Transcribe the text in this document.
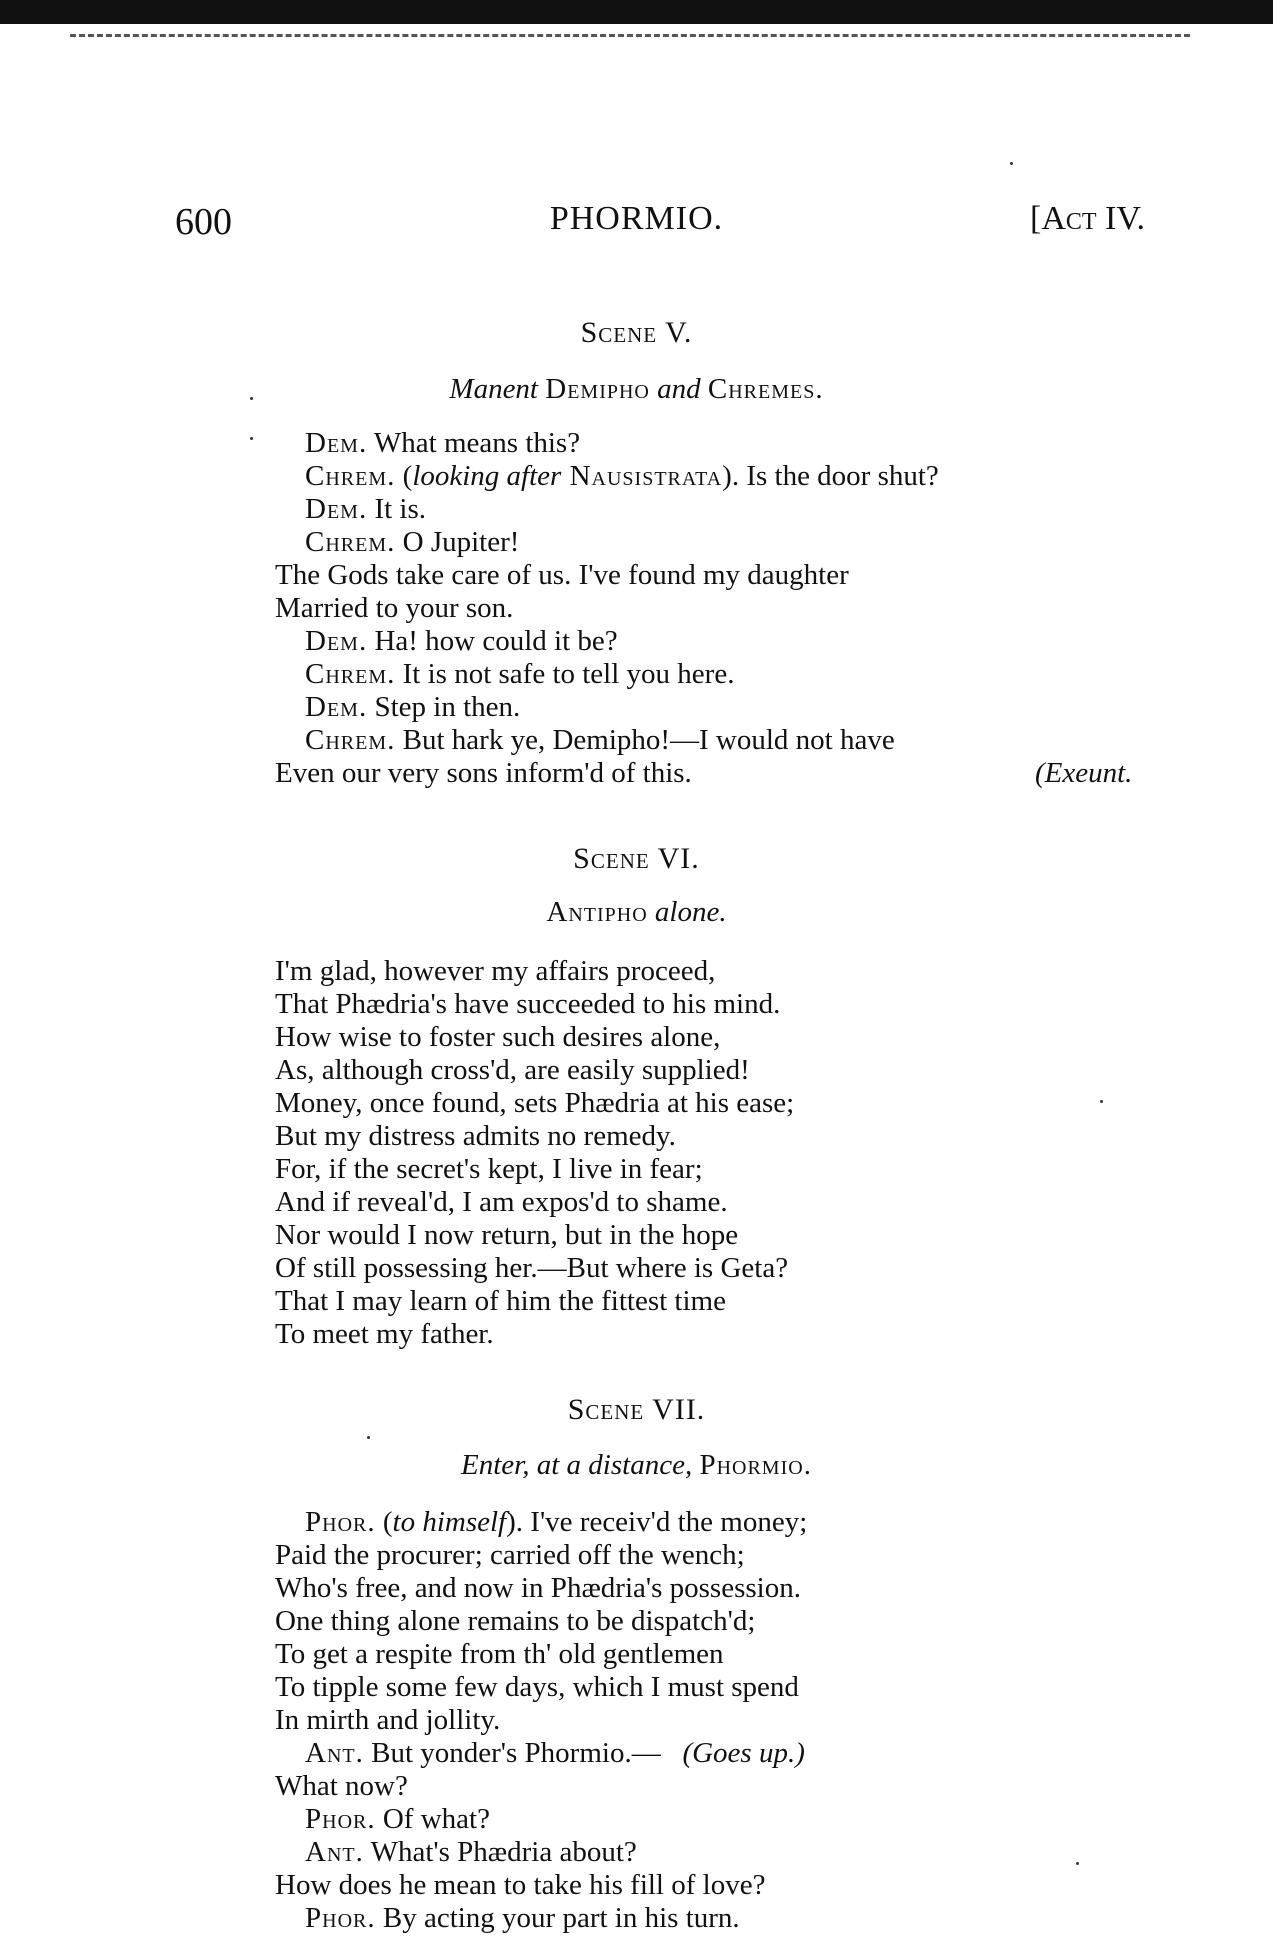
600	PHORMIO.	[Act IV.
Scene V.
Manent Demipho and Chremes.
Dem. What means this?
Chrem. (looking after Nausistrata). Is the door shut?
Dem. It is.
Chrem. O Jupiter!
The Gods take care of us. I've found my daughter
Married to your son.
Dem. Ha! how could it be?
Chrem. It is not safe to tell you here.
Dem. Step in then.
Chrem. But hark ye, Demipho!—I would not have
Even our very sons inform'd of this.	(Exeunt.
Scene VI.
Antipho alone.
I'm glad, however my affairs proceed,
That Phædria's have succeeded to his mind.
How wise to foster such desires alone,
As, although cross'd, are easily supplied!
Money, once found, sets Phædria at his ease;
But my distress admits no remedy.
For, if the secret's kept, I live in fear;
And if reveal'd, I am expos'd to shame.
Nor would I now return, but in the hope
Of still possessing her.—But where is Geta?
That I may learn of him the fittest time
To meet my father.
Scene VII.
Enter, at a distance, Phormio.
Phor. (to himself). I've receiv'd the money;
Paid the procurer; carried off the wench;
Who's free, and now in Phædria's possession.
One thing alone remains to be dispatch'd;
To get a respite from th' old gentlemen
To tipple some few days, which I must spend
In mirth and jollity.
Ant. But yonder's Phormio.— (Goes up.)
What now?
Phor. Of what?
Ant. What's Phædria about?
How does he mean to take his fill of love?
Phor. By acting your part in his turn.
